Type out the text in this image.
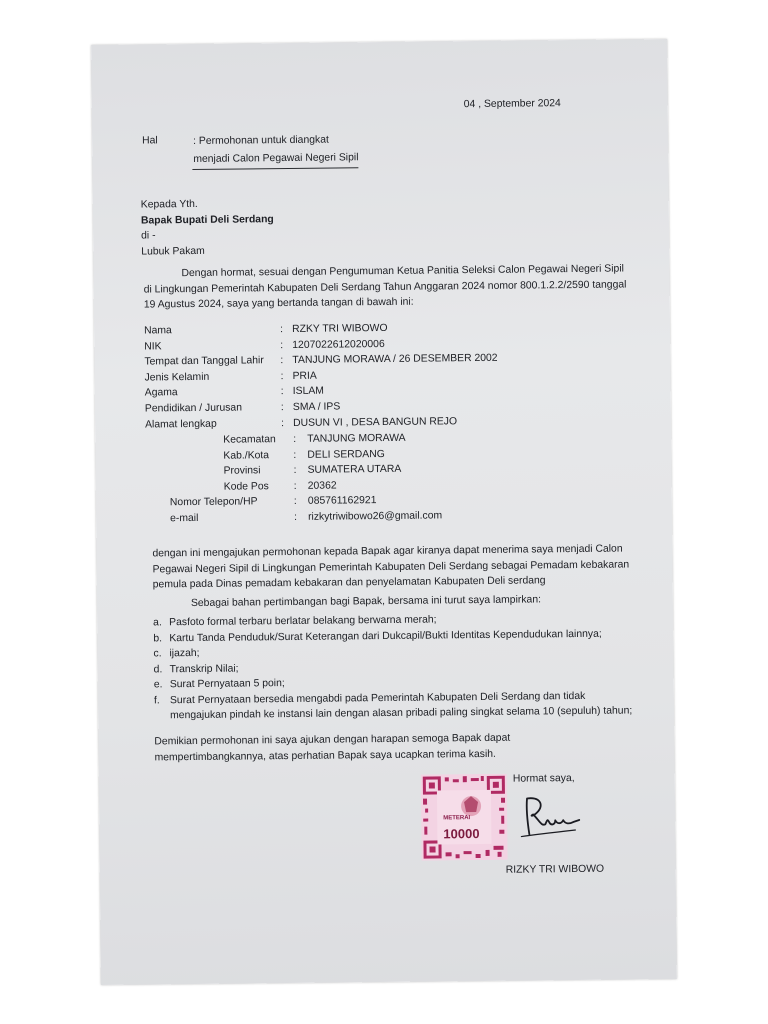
04 , September 2024
Hal	: Permohonan untuk diangkat
menjadi Calon Pegawai Negeri Sipil
Kepada Yth.
Bapak Bupati Deli Serdang
di -
Lubuk Pakam
Dengan hormat, sesuai dengan Pengumuman Ketua Panitia Seleksi Calon Pegawai Negeri Sipil di Lingkungan Pemerintah Kabupaten Deli Serdang Tahun Anggaran 2024 nomor 800.1.2.2/2590 tanggal 19 Agustus 2024, saya yang bertanda tangan di bawah ini:
Nama	: RZKY TRI WIBOWO
NIK	: 1207022612020006
Tempat dan Tanggal Lahir : TANJUNG MORAWA / 26 DESEMBER 2002
Jenis Kelamin	: PRIA
Agama	: ISLAM
Pendidikan / Jurusan	: SMA / IPS
Alamat lengkap	: DUSUN VI , DESA BANGUN REJO
Kecamatan : TANJUNG MORAWA
Kab./Kota : DELI SERDANG
Provinsi	: SUMATERA UTARA
Kode Pos : 20362
Nomor Telepon/HP	: 085761162921
e-mail	: rizkytriwibowo26@gmail.com
dengan ini mengajukan permohonan kepada Bapak agar kiranya dapat menerima saya menjadi Calon Pegawai Negeri Sipil di Lingkungan Pemerintah Kabupaten Deli Serdang sebagai Pemadam kebakaran pemula pada Dinas pemadam kebakaran dan penyelamatan Kabupaten Deli serdang
Sebagai bahan pertimbangan bagi Bapak, bersama ini turut saya lampirkan:
a. Pasfoto formal terbaru berlatar belakang berwarna merah;
b. Kartu Tanda Penduduk/Surat Keterangan dari Dukcapil/Bukti Identitas Kependudukan lainnya;
c. ijazah;
d. Transkrip Nilai;
e. Surat Pernyataan 5 poin;
f. Surat Pernyataan bersedia mengabdi pada Pemerintah Kabupaten Deli Serdang dan tidak
mengajukan pindah ke instansi lain dengan alasan pribadi paling singkat selama 10 (sepuluh) tahun;
Demikian permohonan ini saya ajukan dengan harapan semoga Bapak dapat
mempertimbangkannya, atas perhatian Bapak saya ucapkan terima kasih.
METERAI
10000
Hormat saya,
RIZKY TRI WIBOWO
